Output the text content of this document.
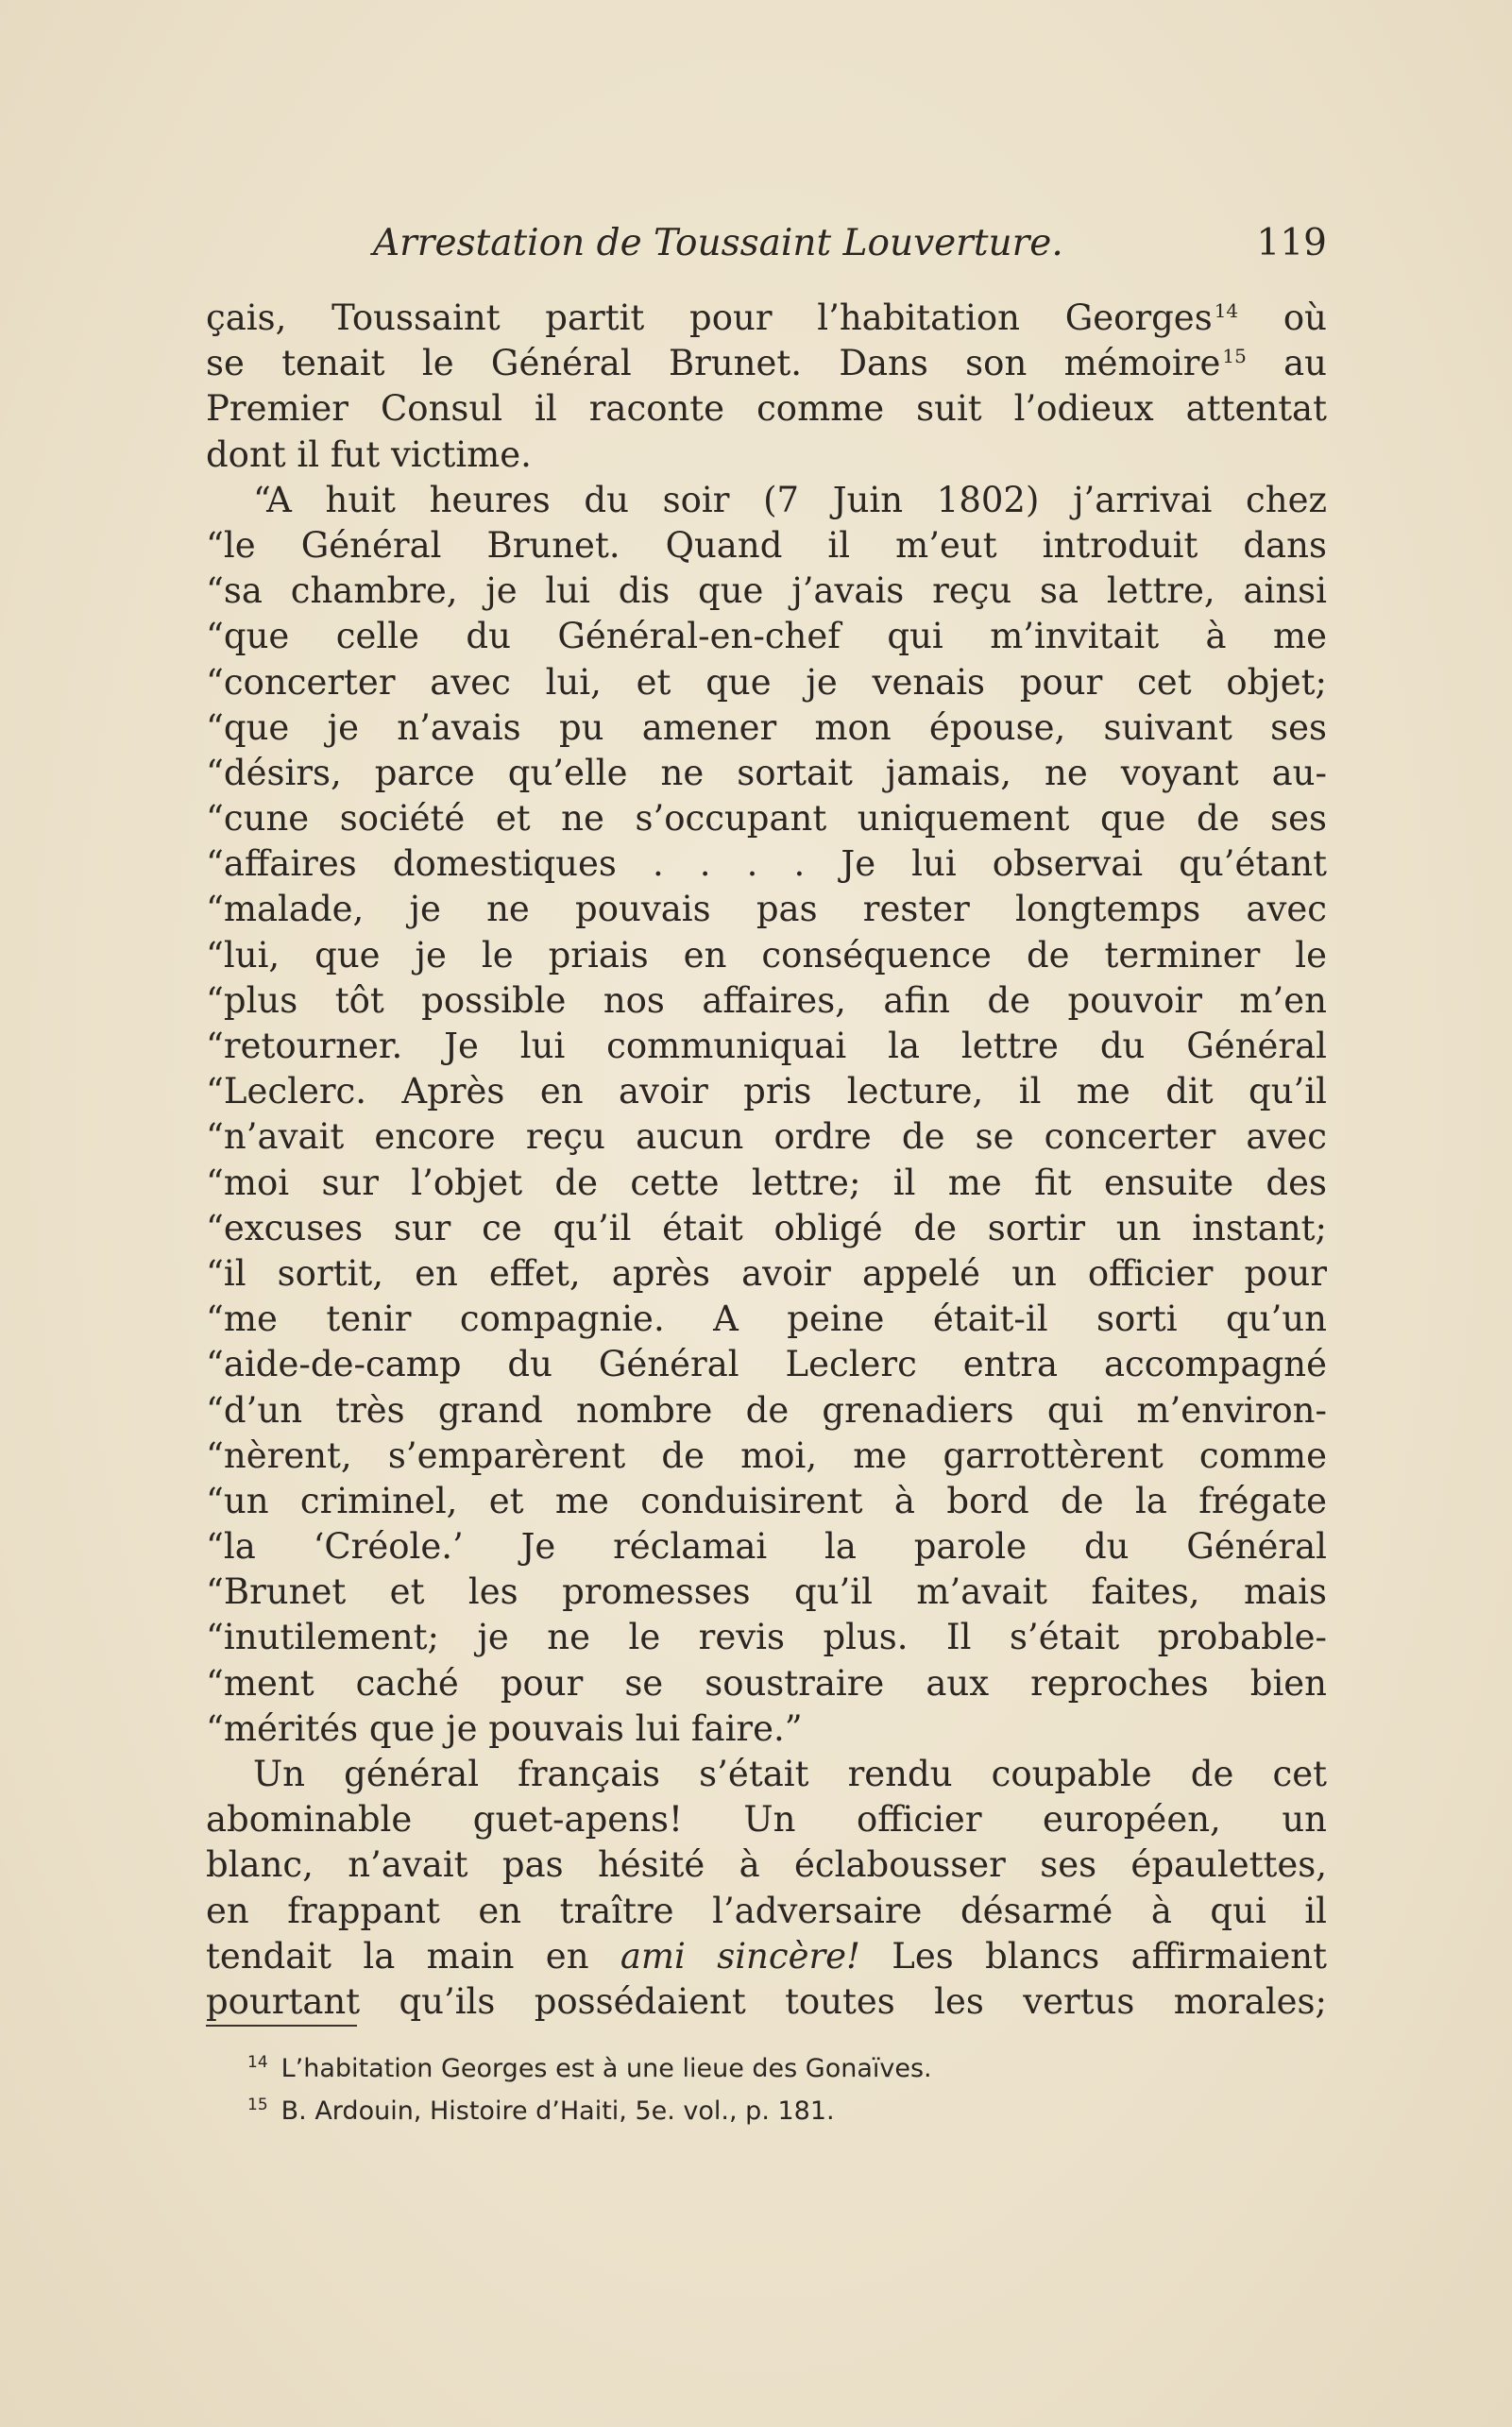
Arrestation de Toussaint Louverture.	119
çais, Toussaint partit pour l’habitation Georges $^{14}$ où
se tenait le Général Brunet. Dans son mémoire $^{15}$ au
Premier Consul il raconte comme suit l’odieux attentat
dont il fut victime.
“A huit heures du soir (7 Juin 1802) j’arrivai chez
“le Général Brunet. Quand il m’eut introduit dans
“sa chambre, je lui dis que j’avais reçu sa lettre, ainsi
“que celle du Général-en-chef qui m’invitait à me
“concerter avec lui, et que je venais pour cet objet;
“que je n’avais pu amener mon épouse, suivant ses
“désirs, parce qu’elle ne sortait jamais, ne voyant au-
“cune société et ne s’occupant uniquement que de ses
“affaires domestiques . . . . Je lui observai qu’étant
“malade, je ne pouvais pas rester longtemps avec
“lui, que je le priais en conséquence de terminer le
“plus tôt possible nos affaires, afin de pouvoir m’en
“retourner. Je lui communiquai la lettre du Général
“Leclerc. Après en avoir pris lecture, il me dit qu’il
“n’avait encore reçu aucun ordre de se concerter avec
“moi sur l’objet de cette lettre; il me fit ensuite des
“excuses sur ce qu’il était obligé de sortir un instant;
“il sortit, en effet, après avoir appelé un officier pour
“me tenir compagnie. A peine était-il sorti qu’un
“aide-de-camp du Général Leclerc entra accompagné
“d’un très grand nombre de grenadiers qui m’environ-
“nèrent, s’emparèrent de moi, me garrottèrent comme
“un criminel, et me conduisirent à bord de la frégate
“la ‘Créole.’ Je réclamai la parole du Général
“Brunet et les promesses qu’il m’avait faites, mais
“inutilement; je ne le revis plus. Il s’était probable-
“ment caché pour se soustraire aux reproches bien
“mérités que je pouvais lui faire.”
Un général français s’était rendu coupable de cet
abominable guet-apens! Un officier européen, un
blanc, n’avait pas hésité à éclabousser ses épaulettes,
en frappant en traître l’adversaire désarmé à qui il
tendait la main en ami sincère! Les blancs affirmaient
pourtant qu’ils possédaient toutes les vertus morales;
$^{14}$ L’habitation Georges est à une lieue des Gonaïves.
$^{15}$ B. Ardouin, Histoire d’Haiti, 5e. vol., p. 181.
